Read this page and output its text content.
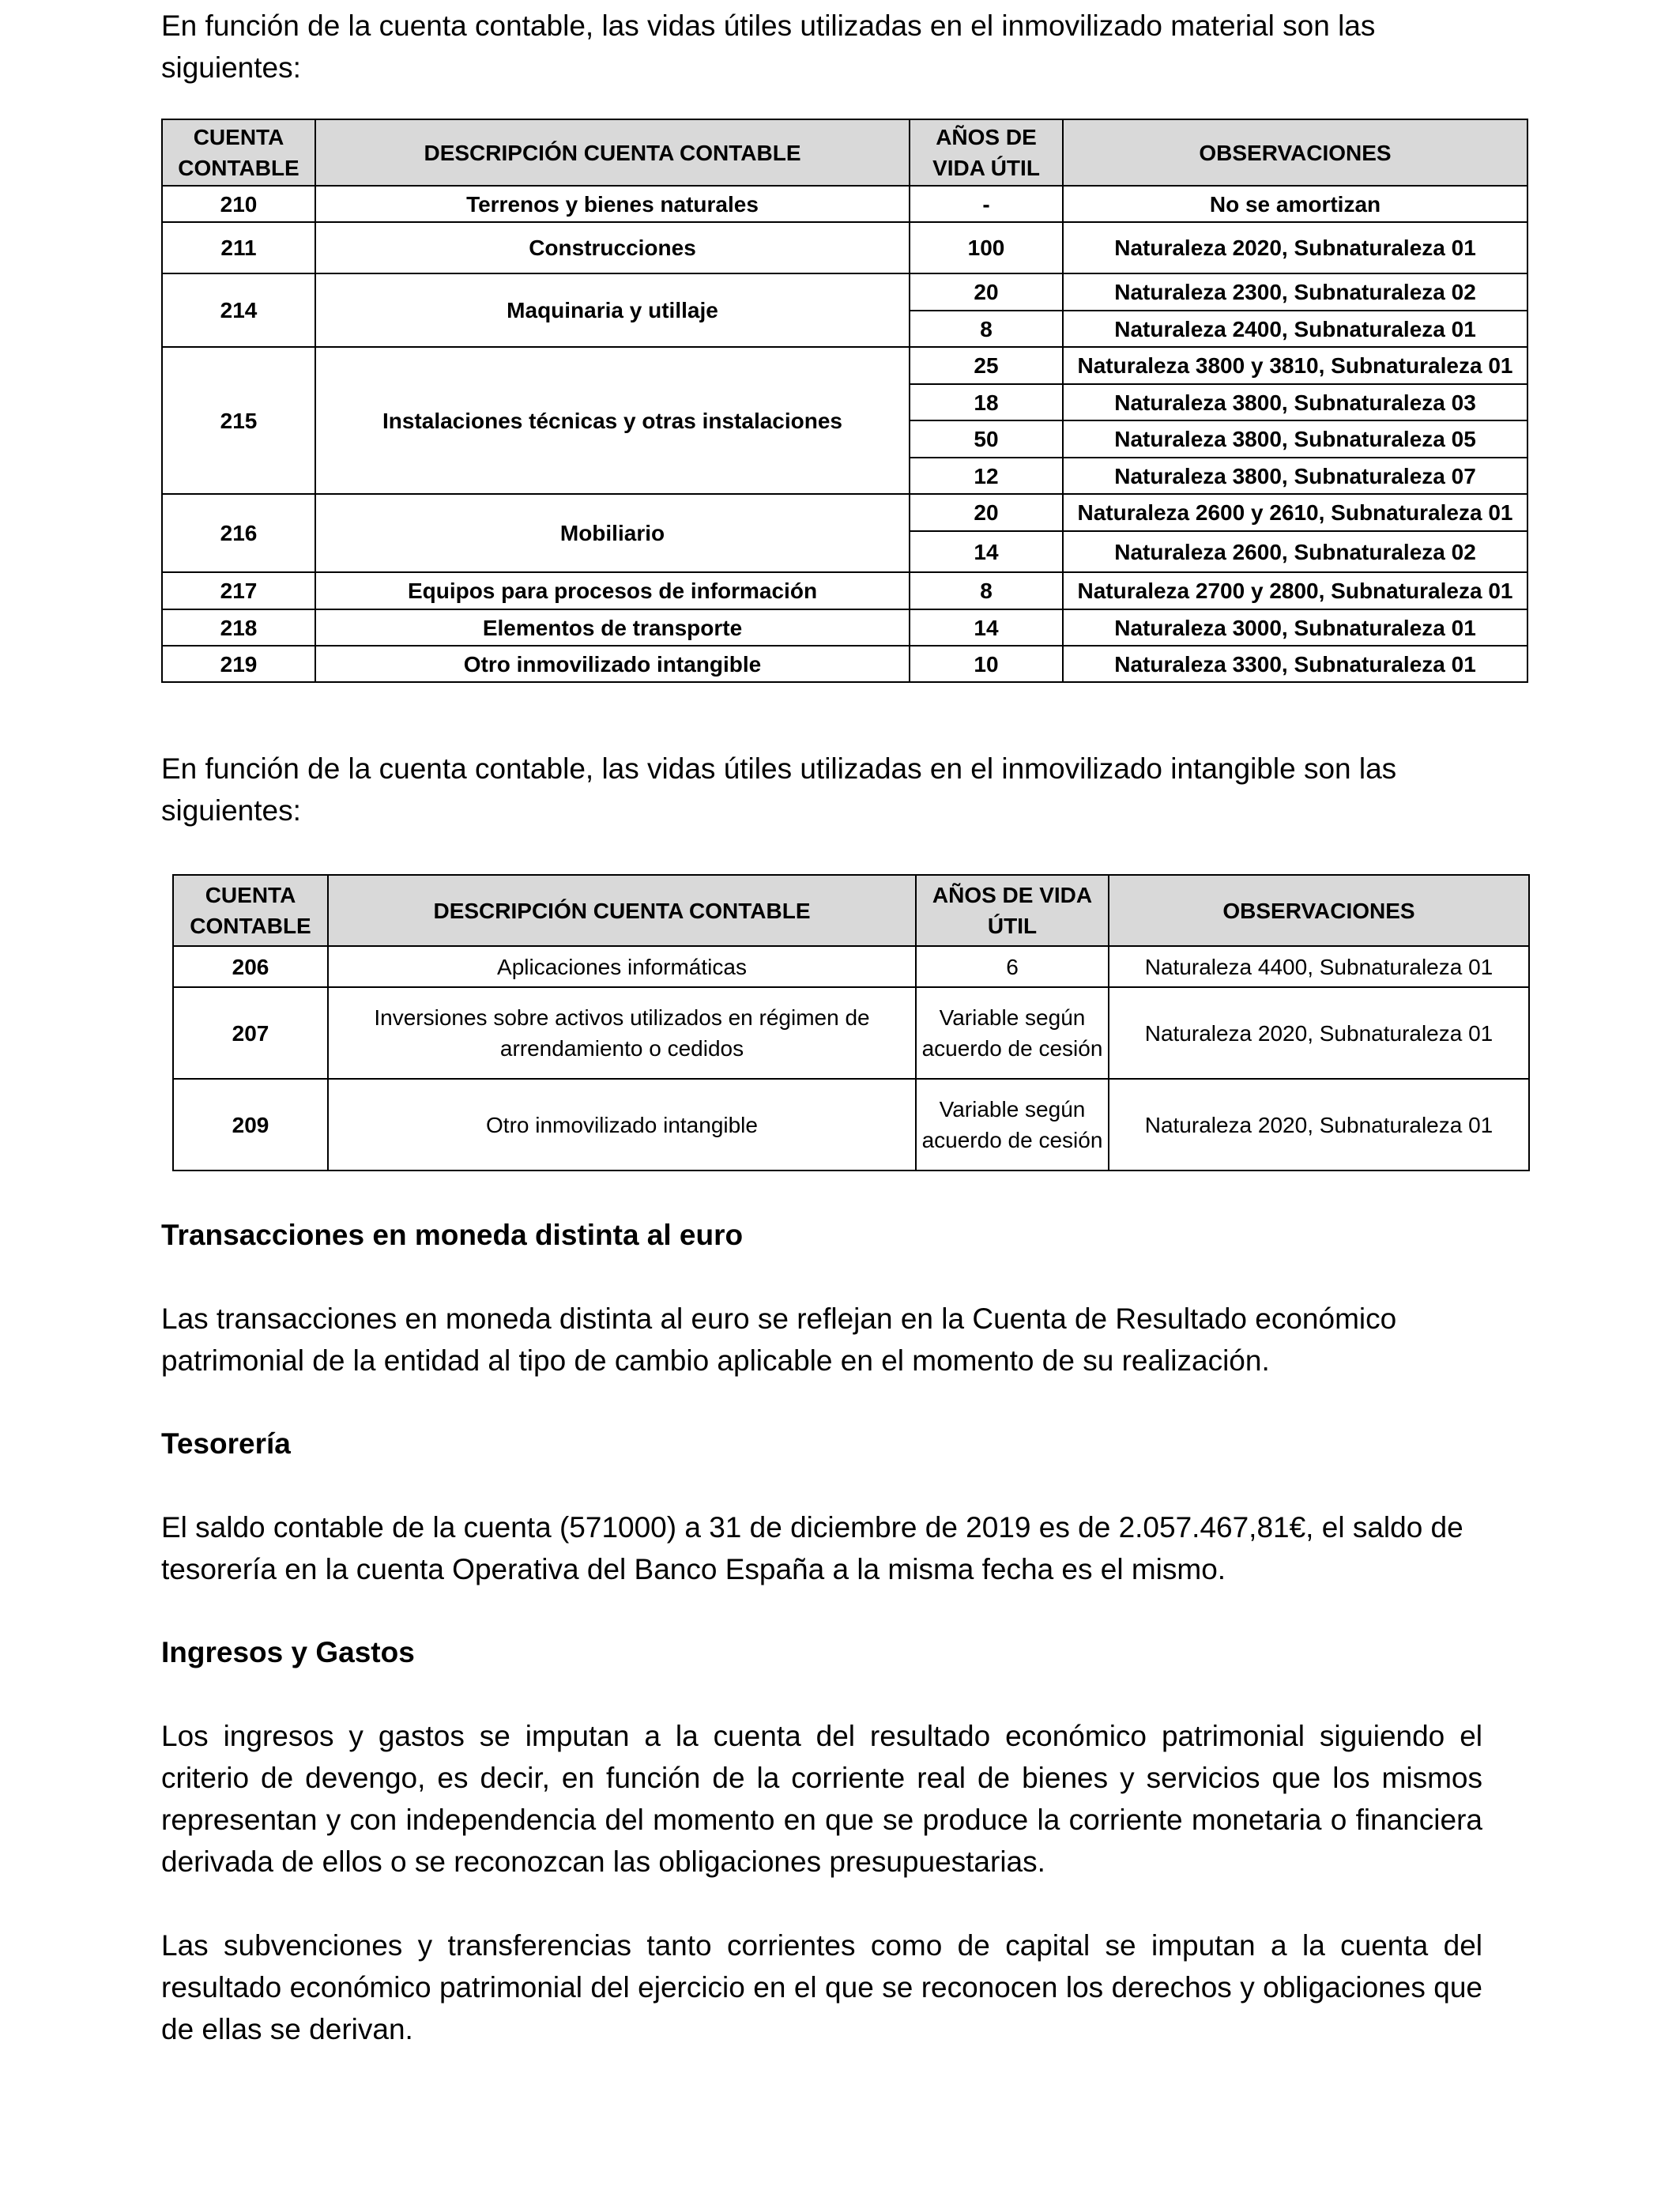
En función de la cuenta contable, las vidas útiles utilizadas en el inmovilizado material son las siguientes:

CUENTA CONTABLE	DESCRIPCIÓN CUENTA CONTABLE	AÑOS DE VIDA ÚTIL	OBSERVACIONES
210	Terrenos y bienes naturales	-	No se amortizan
211	Construcciones	100	Naturaleza 2020, Subnaturaleza 01
214	Maquinaria y utillaje	20	Naturaleza 2300, Subnaturaleza 02
		8	Naturaleza 2400, Subnaturaleza 01
215	Instalaciones técnicas y otras instalaciones	25	Naturaleza 3800 y 3810, Subnaturaleza 01
		18	Naturaleza 3800, Subnaturaleza 03
		50	Naturaleza 3800, Subnaturaleza 05
		12	Naturaleza 3800, Subnaturaleza 07
216	Mobiliario	20	Naturaleza 2600 y 2610, Subnaturaleza 01
		14	Naturaleza 2600, Subnaturaleza 02
217	Equipos para procesos de información	8	Naturaleza 2700 y 2800, Subnaturaleza 01
218	Elementos de transporte	14	Naturaleza 3000, Subnaturaleza 01
219	Otro inmovilizado intangible	10	Naturaleza 3300, Subnaturaleza 01

En función de la cuenta contable, las vidas útiles utilizadas en el inmovilizado intangible son las siguientes:

CUENTA CONTABLE	DESCRIPCIÓN CUENTA CONTABLE	AÑOS DE VIDA ÚTIL	OBSERVACIONES
206	Aplicaciones informáticas	6	Naturaleza 4400, Subnaturaleza 01
207	Inversiones sobre activos utilizados en régimen de arrendamiento o cedidos	Variable según acuerdo de cesión	Naturaleza 2020, Subnaturaleza 01
209	Otro inmovilizado intangible	Variable según acuerdo de cesión	Naturaleza 2020, Subnaturaleza 01

Transacciones en moneda distinta al euro

Las transacciones en moneda distinta al euro se reflejan en la Cuenta de Resultado económico patrimonial de la entidad al tipo de cambio aplicable en el momento de su realización.

Tesorería

El saldo contable de la cuenta (571000) a 31 de diciembre de 2019 es de 2.057.467,81€, el saldo de tesorería en la cuenta Operativa del Banco España a la misma fecha es el mismo.

Ingresos y Gastos

Los ingresos y gastos se imputan a la cuenta del resultado económico patrimonial siguiendo el criterio de devengo, es decir, en función de la corriente real de bienes y servicios que los mismos representan y con independencia del momento en que se produce la corriente monetaria o financiera derivada de ellos o se reconozcan las obligaciones presupuestarias.

Las subvenciones y transferencias tanto corrientes como de capital se imputan a la cuenta del resultado económico patrimonial del ejercicio en el que se reconocen los derechos y obligaciones que de ellas se derivan.
